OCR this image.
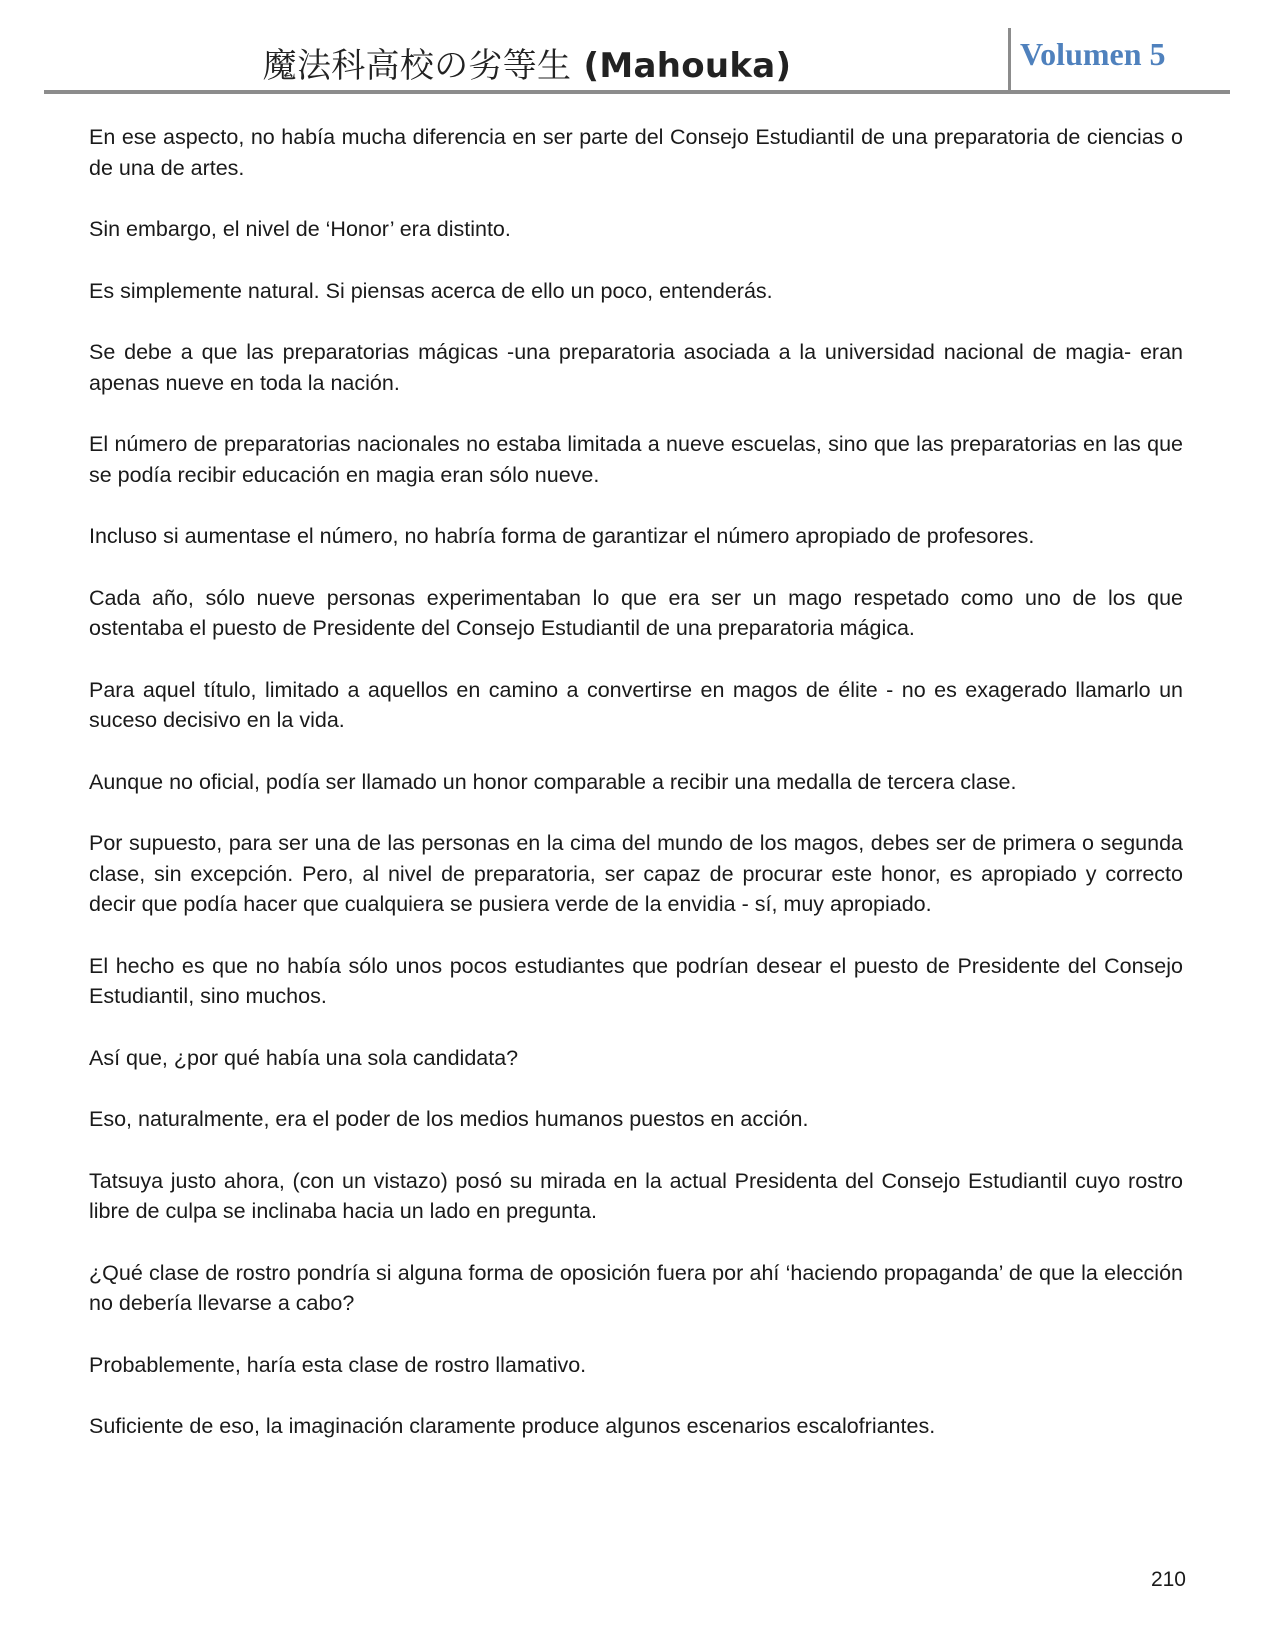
魔法科高校の劣等生 (Mahouka)	Volumen 5

En ese aspecto, no había mucha diferencia en ser parte del Consejo Estudiantil de una preparatoria de ciencias o de una de artes.

Sin embargo, el nivel de ‘Honor’ era distinto.

Es simplemente natural. Si piensas acerca de ello un poco, entenderás.

Se debe a que las preparatorias mágicas -una preparatoria asociada a la universidad nacional de magia- eran apenas nueve en toda la nación.

El número de preparatorias nacionales no estaba limitada a nueve escuelas, sino que las preparatorias en las que se podía recibir educación en magia eran sólo nueve.

Incluso si aumentase el número, no habría forma de garantizar el número apropiado de profesores.

Cada año, sólo nueve personas experimentaban lo que era ser un mago respetado como uno de los que ostentaba el puesto de Presidente del Consejo Estudiantil de una preparatoria mágica.

Para aquel título, limitado a aquellos en camino a convertirse en magos de élite - no es exagerado llamarlo un suceso decisivo en la vida.

Aunque no oficial, podía ser llamado un honor comparable a recibir una medalla de tercera clase.

Por supuesto, para ser una de las personas en la cima del mundo de los magos, debes ser de primera o segunda clase, sin excepción. Pero, al nivel de preparatoria, ser capaz de procurar este honor, es apropiado y correcto decir que podía hacer que cualquiera se pusiera verde de la envidia - sí, muy apropiado.

El hecho es que no había sólo unos pocos estudiantes que podrían desear el puesto de Presidente del Consejo Estudiantil, sino muchos.

Así que, ¿por qué había una sola candidata?

Eso, naturalmente, era el poder de los medios humanos puestos en acción.

Tatsuya justo ahora, (con un vistazo) posó su mirada en la actual Presidenta del Consejo Estudiantil cuyo rostro libre de culpa se inclinaba hacia un lado en pregunta.

¿Qué clase de rostro pondría si alguna forma de oposición fuera por ahí ‘haciendo propaganda’ de que la elección no debería llevarse a cabo?

Probablemente, haría esta clase de rostro llamativo.

Suficiente de eso, la imaginación claramente produce algunos escenarios escalofriantes.

210
